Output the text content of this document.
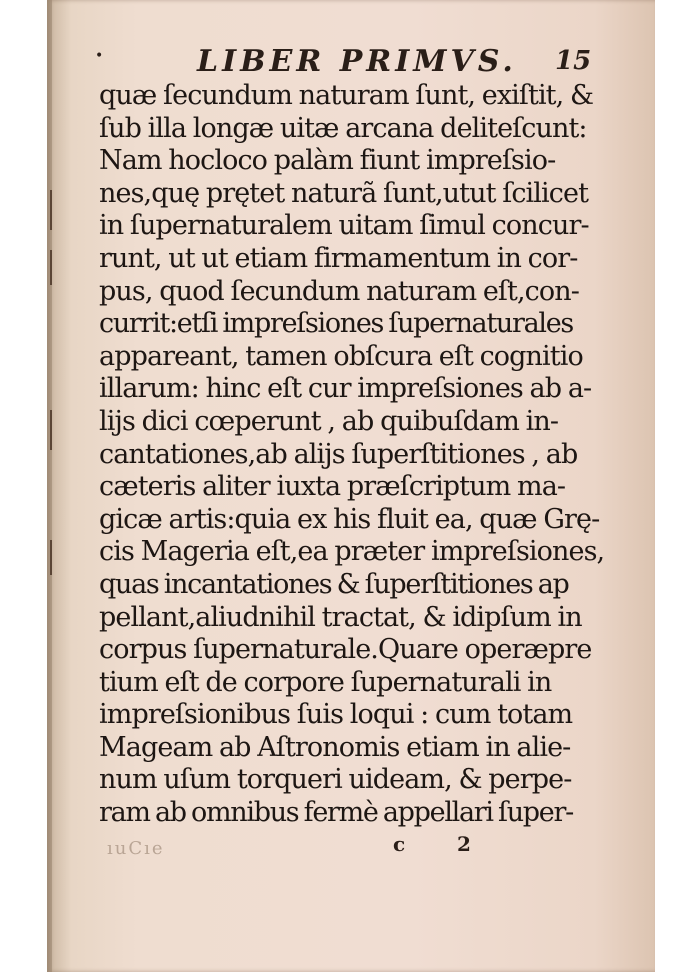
•	LIBER PRIMVS. 15
quæ ſecundum naturam ſunt, exiſtit, &
ſub illa longæ uitæ arcana deliteſcunt:
Nam hocloco palàm fiunt impreſsio-
nes,quę prętet naturã ſunt,utut ſcilicet
in ſupernaturalem uitam ſimul concur-
runt, ut ut etiam firmamentum in cor-
pus, quod ſecundum naturam eſt,con-
currit:etſi impreſsiones ſupernaturales
appareant, tamen obſcura eſt cognitio
illarum: hinc eſt cur impreſsiones ab a-
lijs dici cœperunt , ab quibuſdam in-
cantationes,ab alijs ſuperſtitiones , ab
cæteris aliter iuxta præſcriptum ma-
gicæ artis:quia ex his fluit ea, quæ Grę-
cis Mageria eſt,ea præter impreſsiones,
quas incantationes & ſuperſtitiones ap
pellant,aliudnihil tractat, & idipſum in
corpus ſupernaturale.Quare operæpre
tium eſt de corpore ſupernaturali in
impreſsionibus ſuis loqui : cum totam
Mageam ab Aſtronomis etiam in alie-
num uſum torqueri uideam, & perpe-
ram ab omnibus fermè appellari ſuper-
ıuCıe	c	2
